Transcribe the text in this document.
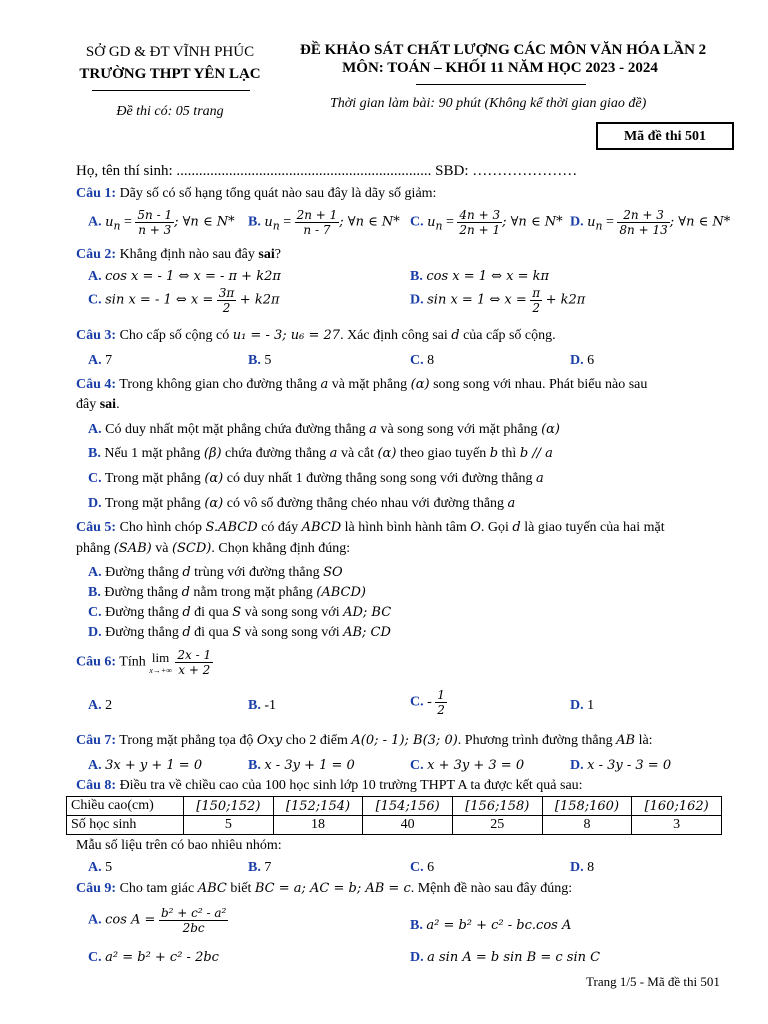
SỞ GD & ĐT VĨNH PHÚC
TRƯỜNG THPT YÊN LẠC
Đề thi có: 05 trang
ĐỀ KHẢO SÁT CHẤT LƯỢNG CÁC MÔN VĂN HÓA LẦN 2
MÔN: TOÁN – KHỐI 11 NĂM HỌC 2023 - 2024
Thời gian làm bài: 90 phút (Không kể thời gian giao đề)
Mã đề thi 501
Họ, tên thí sinh: .................................................................... SBD: …………………
Câu 1: Dãy số có số hạng tổng quát nào sau đây là dãy số giảm:
A. $u_n = \frac{5n - 1}{n + 3}$ ; ∀n ∈ N* B. $u_n = \frac{2n + 1}{n - 7}$ ; ∀n ∈ N* C. $u_n = \frac{4n + 3}{2n + 1}$ ; ∀n ∈ N* D. $u_n = \frac{2n + 3}{8n + 13}$ ; ∀n ∈ N*
Câu 2: Khẳng định nào sau đây sai?
A. cos x = - 1 ⇔ x = - π + k2π	B. cos x = 1 ⇔ x = kπ
C. sin x = - 1 ⇔ $x = \frac{3\pi}{2} + k2\pi$	D. sin x = 1 ⇔ $x = \frac{\pi}{2} + k2\pi$
Câu 3: Cho cấp số cộng có u₁ = - 3; u₆ = 27. Xác định công sai d của cấp số cộng.
A. 7	B. 5	C. 8	D. 6
Câu 4: Trong không gian cho đường thẳng a và mặt phẳng (α) song song với nhau. Phát biểu nào sau
đây sai.
A. Có duy nhất một mặt phẳng chứa đường thẳng a và song song với mặt phẳng (α)
B. Nếu 1 mặt phẳng (β) chứa đường thẳng a và cắt (α) theo giao tuyến b thì b // a
C. Trong mặt phẳng (α) có duy nhất 1 đường thẳng song song với đường thẳng a
D. Trong mặt phẳng (α) có vô số đường thẳng chéo nhau với đường thẳng a
Câu 5: Cho hình chóp S.ABCD có đáy ABCD là hình bình hành tâm O. Gọi d là giao tuyến của hai mặt
phẳng (SAB) và (SCD). Chọn khẳng định đúng:
A. Đường thẳng d trùng với đường thẳng SO
B. Đường thẳng d nằm trong mặt phẳng (ABCD)
C. Đường thẳng d đi qua S và song song với AD; BC
D. Đường thẳng d đi qua S và song song với AB; CD
Câu 6: Tính lim
x→+∞
$\frac{2x - 1}{x + 2}$
A. 2	B. -1	C. - $\frac{1}{2}$	D. 1
Câu 7: Trong mặt phẳng tọa độ Oxy cho 2 điểm A(0; - 1); B(3; 0). Phương trình đường thẳng AB là:
A. 3x + y + 1 = 0	B. x - 3y + 1 = 0	C. x + 3y + 3 = 0	D. x - 3y - 3 = 0
Câu 8: Điều tra về chiều cao của 100 học sinh lớp 10 trường THPT A ta được kết quả sau:
Chiều cao(cm)	[150;152)	[152;154)	[154;156)	[156;158)	[158;160)	[160;162)
Số học sinh	5	18	40	25	8	3
Mẫu số liệu trên có bao nhiêu nhóm:
A. 5	B. 7	C. 6	D. 8
Câu 9: Cho tam giác ABC biết BC = a; AC = b; AB = c. Mệnh đề nào sau đây đúng:
A. $\cos A = \frac{\text{b² + c² - a²}}{2bc}$	B. a² = b² + c² - bc.cos A
C. a² = b² + c² - 2bc	D. a sin A = b sin B = c sin C
Trang 1/5 - Mã đề thi 501
